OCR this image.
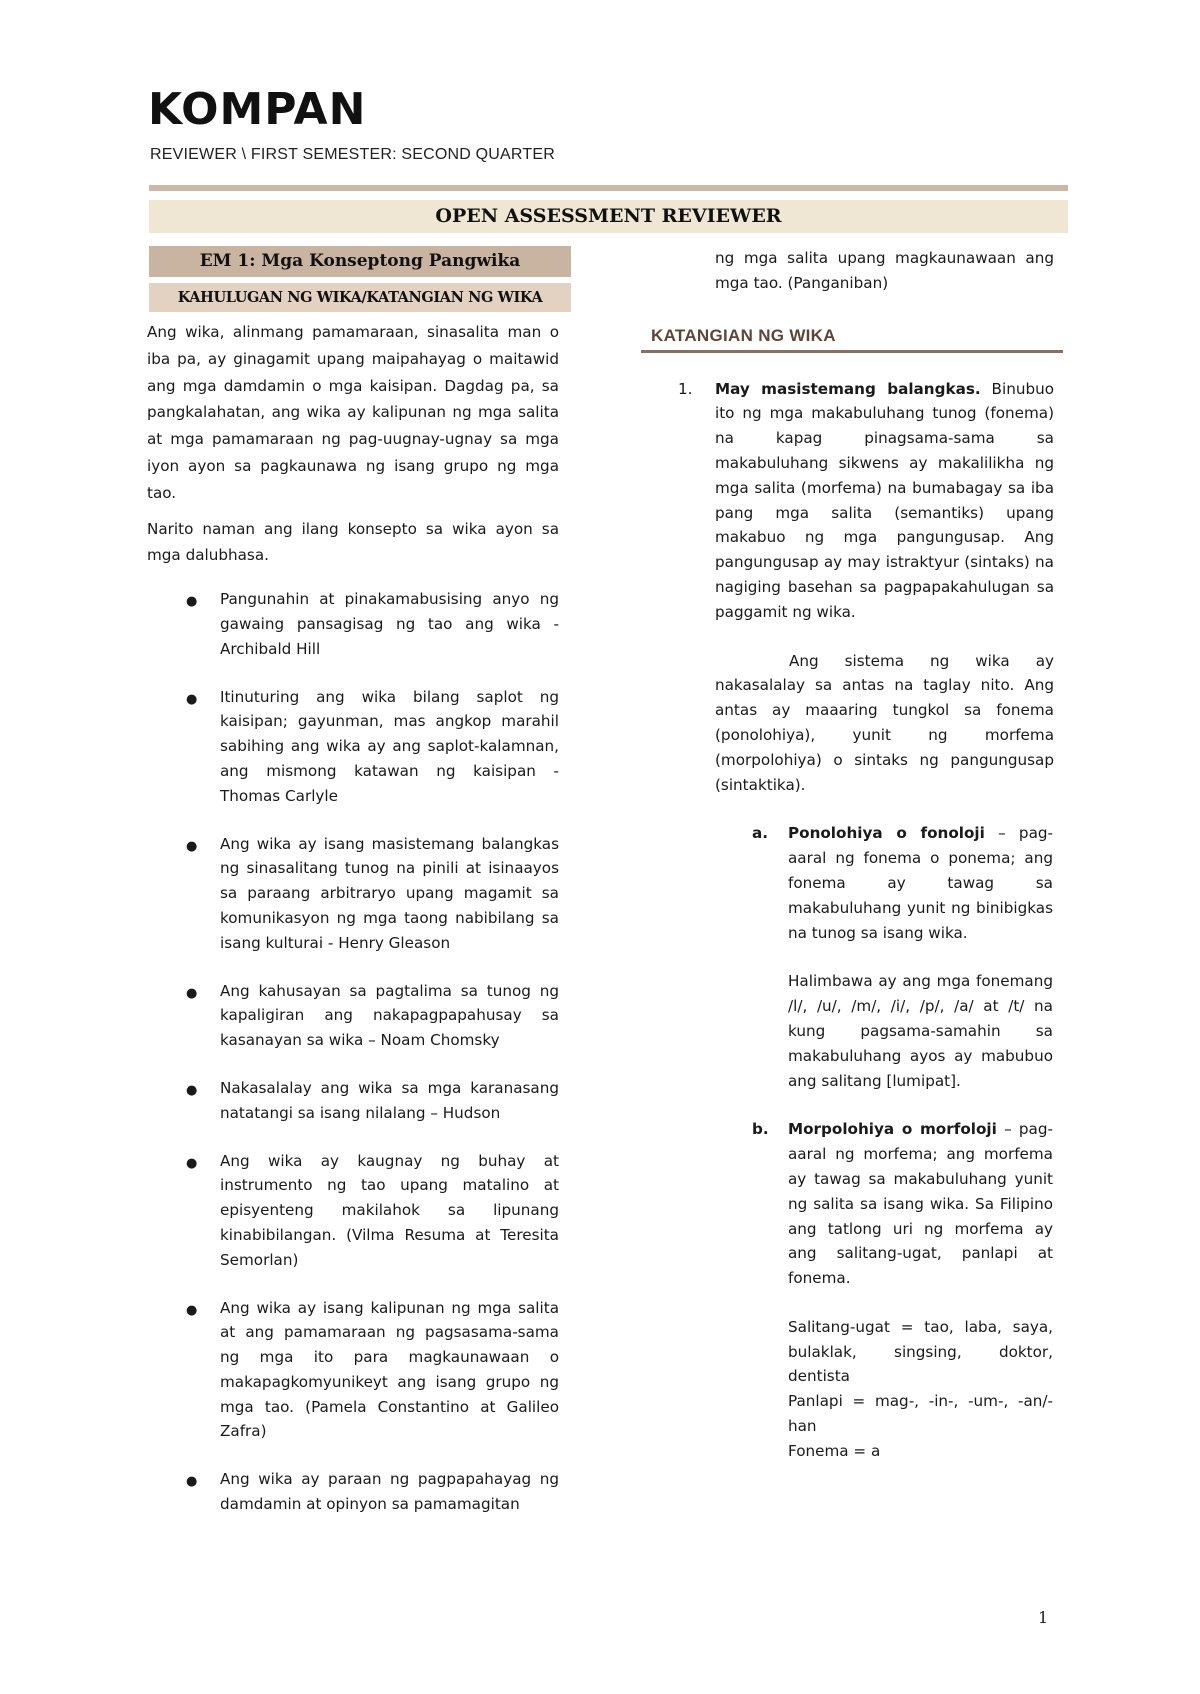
KOMPAN
REVIEWER \ FIRST SEMESTER: SECOND QUARTER
OPEN ASSESSMENT REVIEWER
EM 1: Mga Konseptong Pangwika
KAHULUGAN NG WIKA/KATANGIAN NG WIKA

Ang wika, alinmang pamamaraan, sinasalita man o iba pa, ay ginagamit upang maipahayag o maitawid ang mga damdamin o mga kaisipan. Dagdag pa, sa pangkalahatan, ang wika ay kalipunan ng mga salita at mga pamamaraan ng pag-uugnay-ugnay sa mga iyon ayon sa pagkaunawa ng isang grupo ng mga tao.

Narito naman ang ilang konsepto sa wika ayon sa mga dalubhasa.

● Pangunahin at pinakamabusising anyo ng gawaing pansagisag ng tao ang wika - Archibald Hill
● Itinuturing ang wika bilang saplot ng kaisipan; gayunman, mas angkop marahil sabihing ang wika ay ang saplot-kalamnan, ang mismong katawan ng kaisipan - Thomas Carlyle
● Ang wika ay isang masistemang balangkas ng sinasalitang tunog na pinili at isinaayos sa paraang arbitraryo upang magamit sa komunikasyon ng mga taong nabibilang sa isang kulturai - Henry Gleason
● Ang kahusayan sa pagtalima sa tunog ng kapaligiran ang nakapagpapahusay sa kasanayan sa wika – Noam Chomsky
● Nakasalalay ang wika sa mga karanasang natatangi sa isang nilalang – Hudson
● Ang wika ay kaugnay ng buhay at instrumento ng tao upang matalino at episyenteng makilahok sa lipunang kinabibilangan. (Vilma Resuma at Teresita Semorlan)
● Ang wika ay isang kalipunan ng mga salita at ang pamamaraan ng pagsasama-sama ng mga ito para magkaunawaan o makapagkomyunikeyt ang isang grupo ng mga tao. (Pamela Constantino at Galileo Zafra)
● Ang wika ay paraan ng pagpapahayag ng damdamin at opinyon sa pamamagitan

ng mga salita upang magkaunawaan ang mga tao. (Panganiban)

KATANGIAN NG WIKA
1. May masistemang balangkas. Binubuo ito ng mga makabuluhang tunog (fonema) na kapag pinagsama-sama sa makabuluhang sikwens ay makalilikha ng mga salita (morfema) na bumabagay sa iba pang mga salita (semantiks) upang makabuo ng mga pangungusap. Ang pangungusap ay may istraktyur (sintaks) na nagiging basehan sa pagpapakahulugan sa paggamit ng wika.

Ang sistema ng wika ay nakasalalay sa antas na taglay nito. Ang antas ay maaaring tungkol sa fonema (ponolohiya), yunit ng morfema (morpolohiya) o sintaks ng pangungusap (sintaktika).

a. Ponolohiya o fonoloji – pag-aaral ng fonema o ponema; ang fonema ay tawag sa makabuluhang yunit ng binibigkas na tunog sa isang wika.
Halimbawa ay ang mga fonemang /l/, /u/, /m/, /i/, /p/, /a/ at /t/ na kung pagsama-samahin sa makabuluhang ayos ay mabubuo ang salitang [lumipat].
b. Morpolohiya o morfoloji – pag-aaral ng morfema; ang morfema ay tawag sa makabuluhang yunit ng salita sa isang wika. Sa Filipino ang tatlong uri ng morfema ay ang salitang-ugat, panlapi at fonema.
Salitang-ugat = tao, laba, saya, bulaklak, singsing, doktor, dentista
Panlapi = mag-, -in-, -um-, -an/-han
Fonema = a
1
